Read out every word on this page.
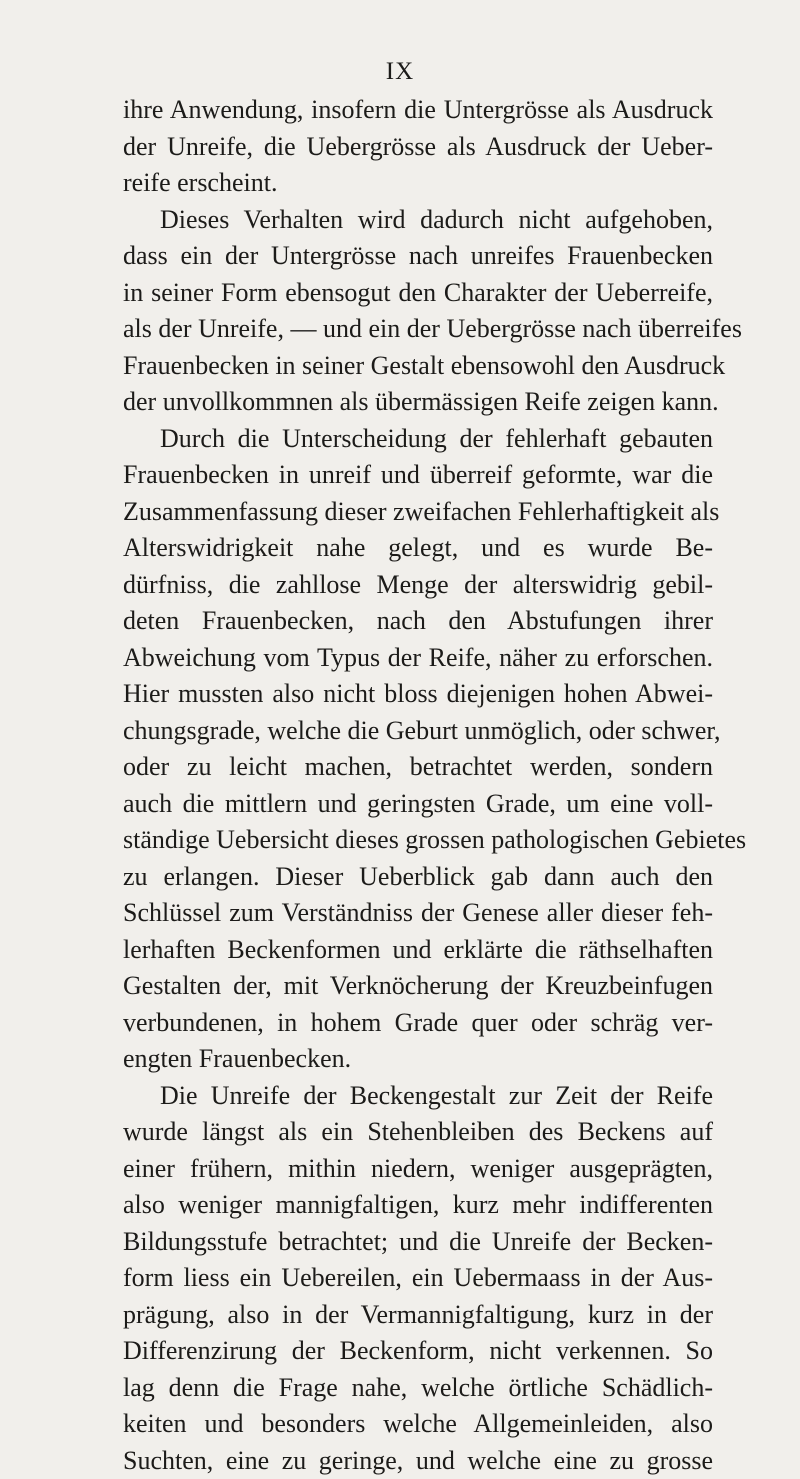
IX
ihre Anwendung, insofern die Untergrösse als Ausdruck
der Unreife, die Uebergrösse als Ausdruck der Ueber-
reife erscheint.
Dieses Verhalten wird dadurch nicht aufgehoben,
dass ein der Untergrösse nach unreifes Frauenbecken
in seiner Form ebensogut den Charakter der Ueberreife,
als der Unreife, — und ein der Uebergrösse nach überreifes
Frauenbecken in seiner Gestalt ebensowohl den Ausdruck
der unvollkommnen als übermässigen Reife zeigen kann.
Durch die Unterscheidung der fehlerhaft gebauten
Frauenbecken in unreif und überreif geformte, war die
Zusammenfassung dieser zweifachen Fehlerhaftigkeit als
Alterswidrigkeit nahe gelegt, und es wurde Be-
dürfniss, die zahllose Menge der alterswidrig gebil-
deten Frauenbecken, nach den Abstufungen ihrer
Abweichung vom Typus der Reife, näher zu erforschen.
Hier mussten also nicht bloss diejenigen hohen Abwei-
chungsgrade, welche die Geburt unmöglich, oder schwer,
oder zu leicht machen, betrachtet werden, sondern
auch die mittlern und geringsten Grade, um eine voll-
ständige Uebersicht dieses grossen pathologischen Gebietes
zu erlangen. Dieser Ueberblick gab dann auch den
Schlüssel zum Verständniss der Genese aller dieser feh-
lerhaften Beckenformen und erklärte die räthselhaften
Gestalten der, mit Verknöcherung der Kreuzbeinfugen
verbundenen, in hohem Grade quer oder schräg ver-
engten Frauenbecken.
Die Unreife der Beckengestalt zur Zeit der Reife
wurde längst als ein Stehenbleiben des Beckens auf
einer frühern, mithin niedern, weniger ausgeprägten,
also weniger mannigfaltigen, kurz mehr indifferenten
Bildungsstufe betrachtet; und die Unreife der Becken-
form liess ein Uebereilen, ein Uebermaass in der Aus-
prägung, also in der Vermannigfaltigung, kurz in der
Differenzirung der Beckenform, nicht verkennen. So
lag denn die Frage nahe, welche örtliche Schädlich-
keiten und besonders welche Allgemeinleiden, also
Suchten, eine zu geringe, und welche eine zu grosse
